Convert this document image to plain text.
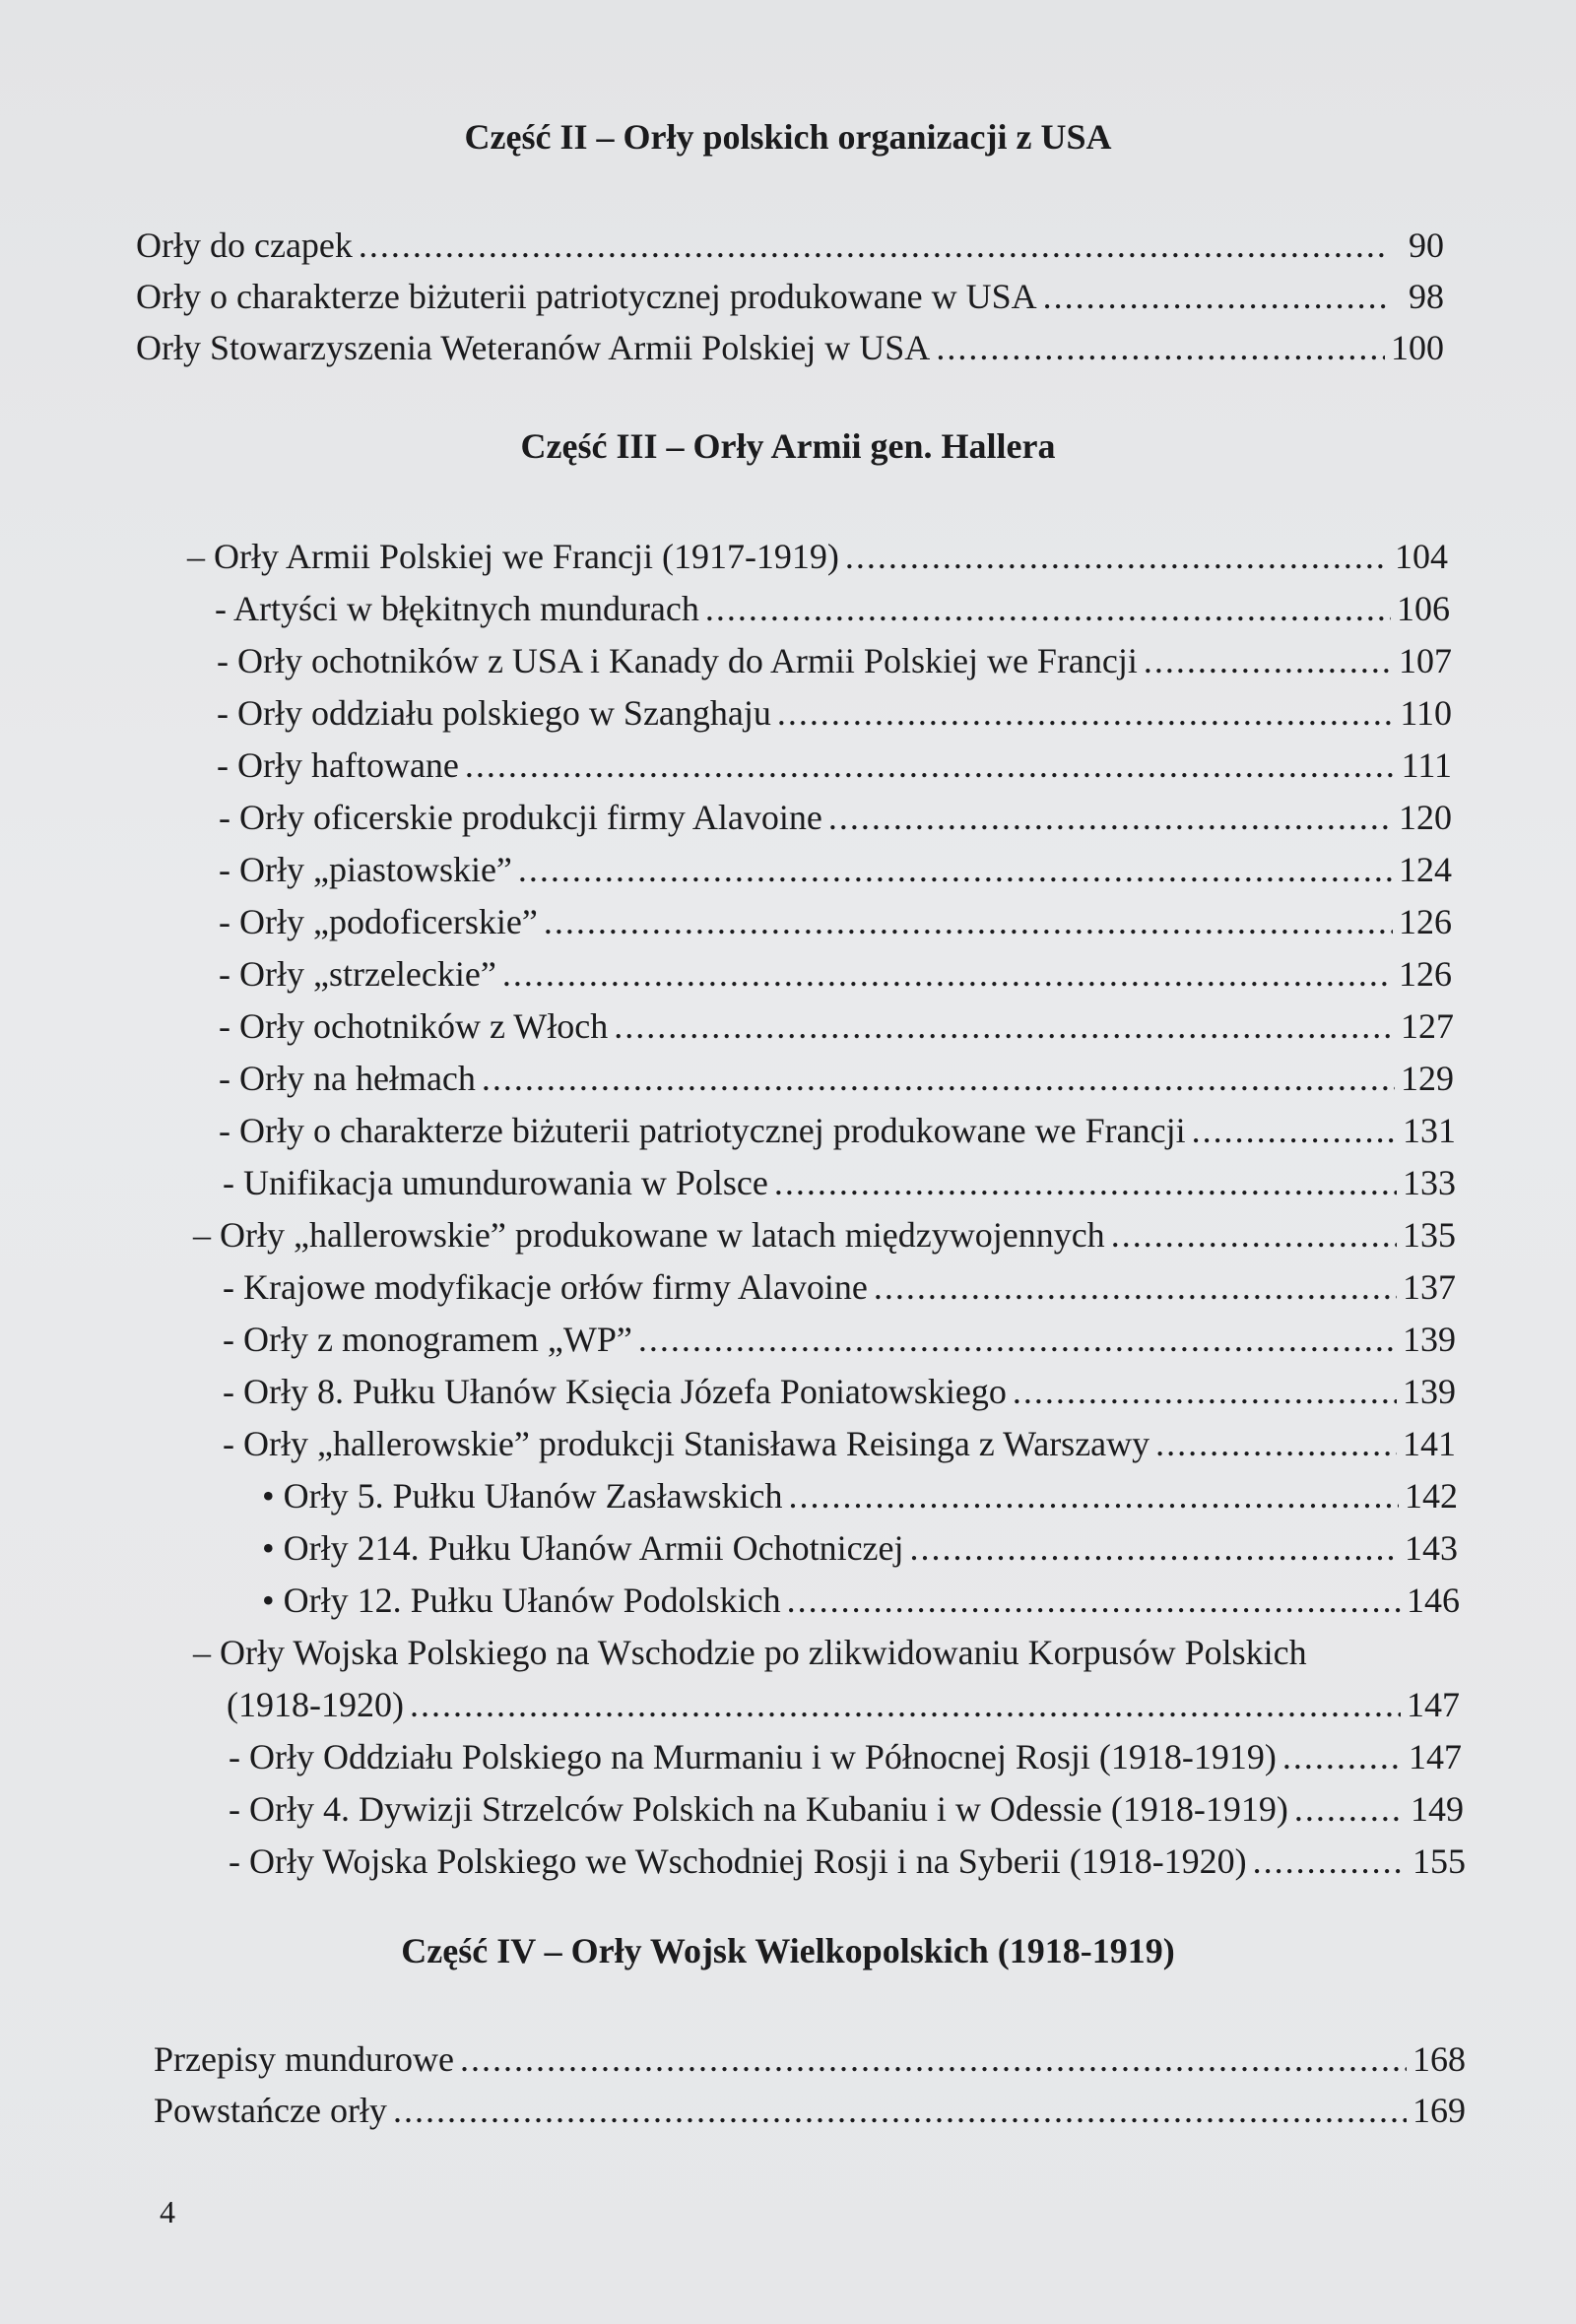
Część II – Orły polskich organizacji z USA
Orły do czapek .....	90
Orły o charakterze biżuterii patriotycznej produkowane w USA .....	98
Orły Stowarzyszenia Weteranów Armii Polskiej w USA .....	100
Część III – Orły Armii gen. Hallera
– Orły Armii Polskiej we Francji (1917-1919) .....	104
- Artyści w błękitnych mundurach .....	106
- Orły ochotników z USA i Kanady do Armii Polskiej we Francji .....	107
- Orły oddziału polskiego w Szanghaju .....	110
- Orły haftowane .....	111
- Orły oficerskie produkcji firmy Alavoine .....	120
- Orły „piastowskie” .....	124
- Orły „podoficerskie” .....	126
- Orły „strzeleckie” .....	126
- Orły ochotników z Włoch .....	127
- Orły na hełmach .....	129
- Orły o charakterze biżuterii patriotycznej produkowane we Francji .....	131
- Unifikacja umundurowania w Polsce .....	133
– Orły „hallerowskie” produkowane w latach międzywojennych .....	135
- Krajowe modyfikacje orłów firmy Alavoine .....	137
- Orły z monogramem „WP” .....	139
- Orły 8. Pułku Ułanów Księcia Józefa Poniatowskiego .....	139
- Orły „hallerowskie” produkcji Stanisława Reisinga z Warszawy .....	141
• Orły 5. Pułku Ułanów Zasławskich .....	142
• Orły 214. Pułku Ułanów Armii Ochotniczej .....	143
• Orły 12. Pułku Ułanów Podolskich .....	146
– Orły Wojska Polskiego na Wschodzie po zlikwidowaniu Korpusów Polskich
(1918-1920) .....	147
- Orły Oddziału Polskiego na Murmaniu i w Północnej Rosji (1918-1919) .....	147
- Orły 4. Dywizji Strzelców Polskich na Kubaniu i w Odessie (1918-1919) .....	149
- Orły Wojska Polskiego we Wschodniej Rosji i na Syberii (1918-1920) .....	155
Część IV – Orły Wojsk Wielkopolskich (1918-1919)
Przepisy mundurowe .....	168
Powstańcze orły .....	169
4
